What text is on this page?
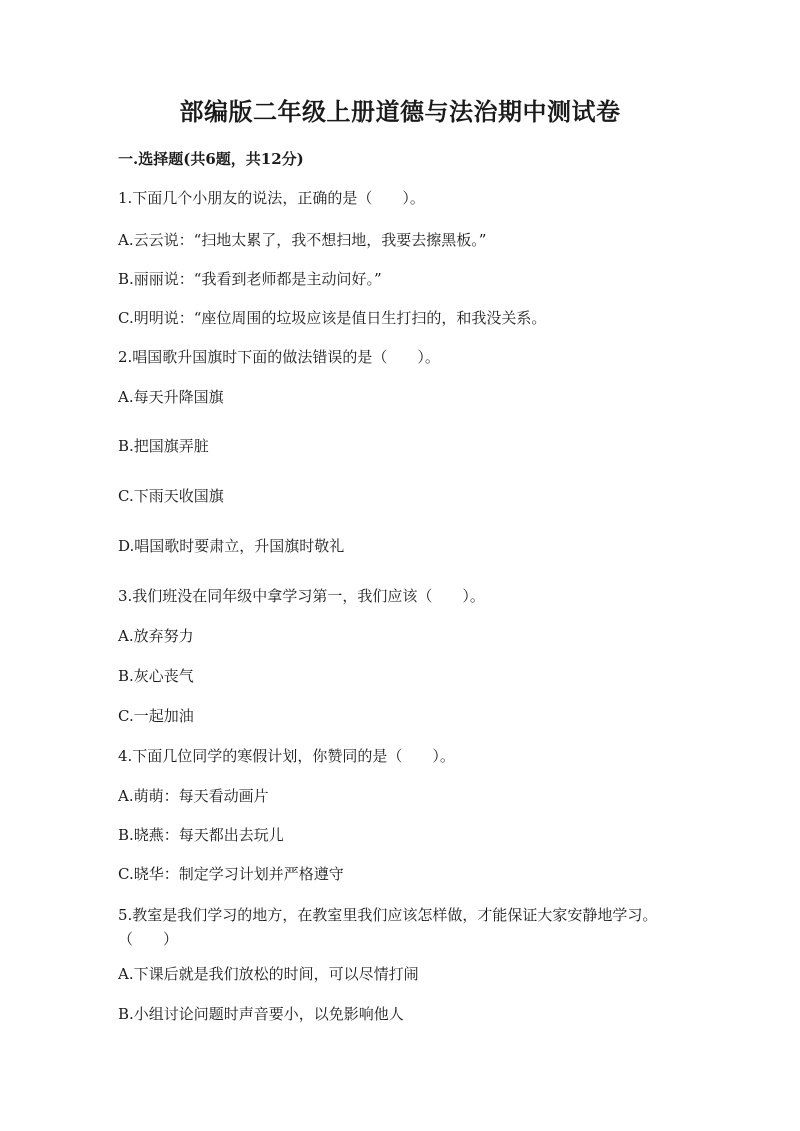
部编版二年级上册道德与法治期中测试卷
一.选择题(共6题，共12分)
1.下面几个小朋友的说法，正确的是（　　）。
A.云云说：“扫地太累了，我不想扫地，我要去擦黑板。”
B.丽丽说：“我看到老师都是主动问好。”
C.明明说：“座位周围的垃圾应该是值日生打扫的，和我没关系。
2.唱国歌升国旗时下面的做法错误的是（　　）。
A.每天升降国旗
B.把国旗弄脏
C.下雨天收国旗
D.唱国歌时要肃立，升国旗时敬礼
3.我们班没在同年级中拿学习第一，我们应该（　　）。
A.放弃努力
B.灰心丧气
C.一起加油
4.下面几位同学的寒假计划，你赞同的是（　　）。
A.萌萌：每天看动画片
B.晓燕：每天都出去玩儿
C.晓华：制定学习计划并严格遵守
5.教室是我们学习的地方，在教室里我们应该怎样做，才能保证大家安静地学习。（　　）
A.下课后就是我们放松的时间，可以尽情打闹
B.小组讨论问题时声音要小，以免影响他人
